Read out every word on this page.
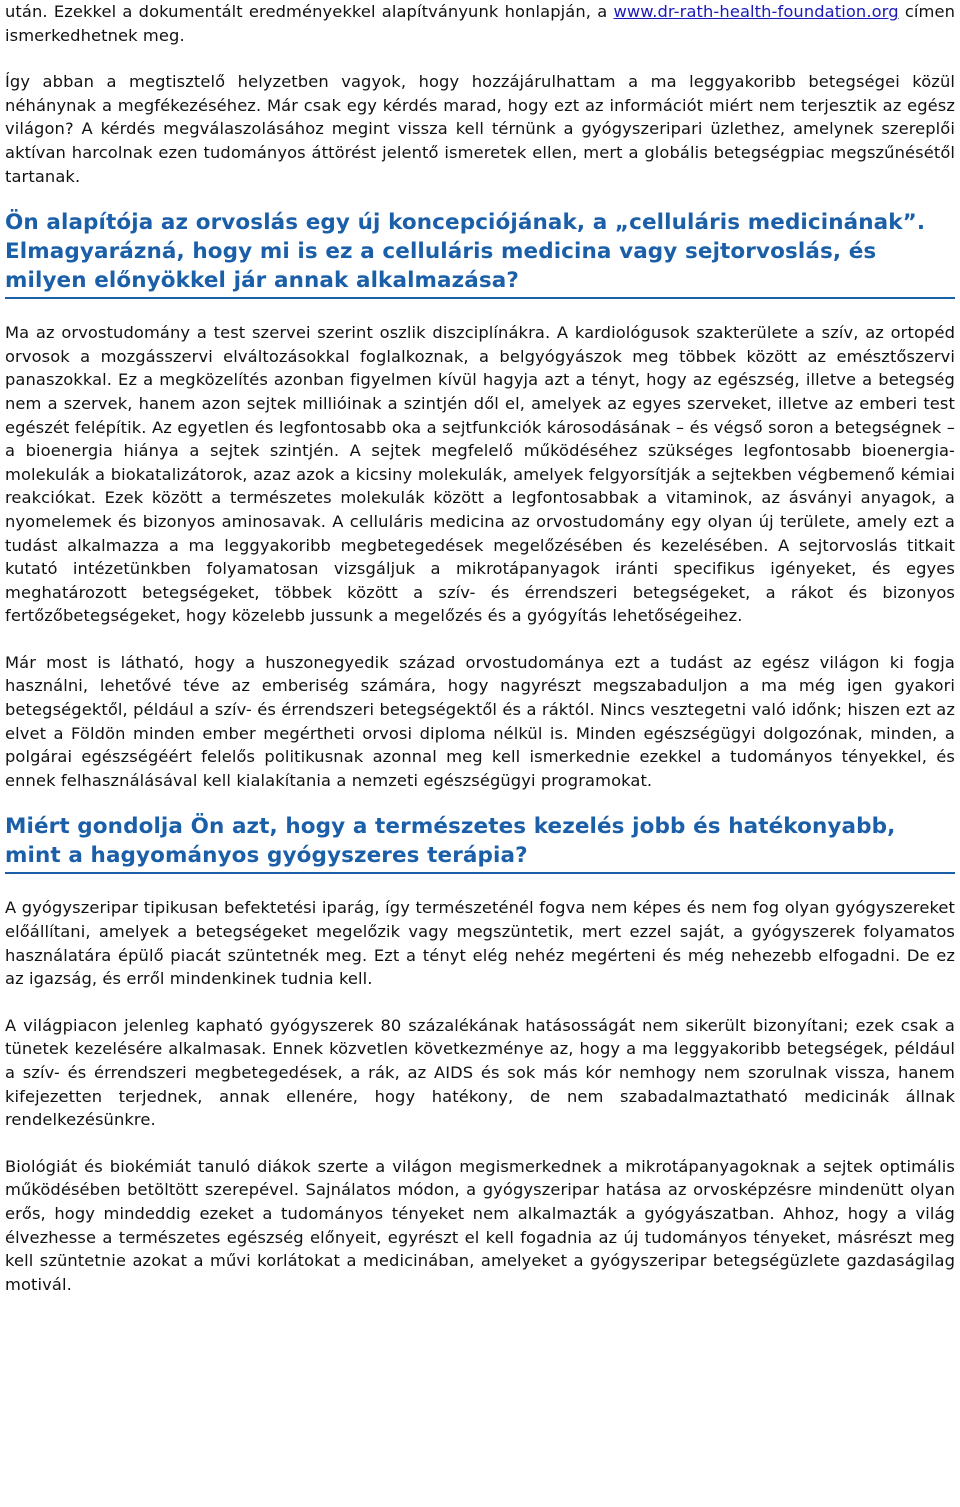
után. Ezekkel a dokumentált eredményekkel alapítványunk honlapján, a www.dr-rath-health-foundation.org címen ismerkedhetnek meg.

Így abban a megtisztelő helyzetben vagyok, hogy hozzájárulhattam a ma leggyakoribb betegségei közül néhánynak a megfékezéséhez. Már csak egy kérdés marad, hogy ezt az információt miért nem terjesztik az egész világon? A kérdés megválaszolásához megint vissza kell térnünk a gyógyszeripari üzlethez, amelynek szereplői aktívan harcolnak ezen tudományos áttörést jelentő ismeretek ellen, mert a globális betegségpiac megszűnésétől tartanak.

Ön alapítója az orvoslás egy új koncepciójának, a „celluláris medicinának”. Elmagyarázná, hogy mi is ez a celluláris medicina vagy sejtorvoslás, és milyen előnyökkel jár annak alkalmazása?

Ma az orvostudomány a test szervei szerint oszlik diszciplínákra. A kardiológusok szakterülete a szív, az ortopéd orvosok a mozgásszervi elváltozásokkal foglalkoznak, a belgyógyászok meg többek között az emésztőszervi panaszokkal. Ez a megközelítés azonban figyelmen kívül hagyja azt a tényt, hogy az egészség, illetve a betegség nem a szervek, hanem azon sejtek millióinak a szintjén dől el, amelyek az egyes szerveket, illetve az emberi test egészét felépítik. Az egyetlen és legfontosabb oka a sejtfunkciók károsodásának – és végső soron a betegségnek – a bioenergia hiánya a sejtek szintjén. A sejtek megfelelő működéséhez szükséges legfontosabb bioenergia-molekulák a biokatalizátorok, azaz azok a kicsiny molekulák, amelyek felgyorsítják a sejtekben végbemenő kémiai reakciókat. Ezek között a természetes molekulák között a legfontosabbak a vitaminok, az ásványi anyagok, a nyomelemek és bizonyos aminosavak. A celluláris medicina az orvostudomány egy olyan új területe, amely ezt a tudást alkalmazza a ma leggyakoribb megbetegedések megelőzésében és kezelésében. A sejtorvoslás titkait kutató intézetünkben folyamatosan vizsgáljuk a mikrotápanyagok iránti specifikus igényeket, és egyes meghatározott betegségeket, többek között a szív- és érrendszeri betegségeket, a rákot és bizonyos fertőzőbetegségeket, hogy közelebb jussunk a megelőzés és a gyógyítás lehetőségeihez.

Már most is látható, hogy a huszonegyedik század orvostudománya ezt a tudást az egész világon ki fogja használni, lehetővé téve az emberiség számára, hogy nagyrészt megszabaduljon a ma még igen gyakori betegségektől, például a szív- és érrendszeri betegségektől és a ráktól. Nincs vesztegetni való időnk; hiszen ezt az elvet a Földön minden ember megértheti orvosi diploma nélkül is. Minden egészségügyi dolgozónak, minden, a polgárai egészségéért felelős politikusnak azonnal meg kell ismerkednie ezekkel a tudományos tényekkel, és ennek felhasználásával kell kialakítania a nemzeti egészségügyi programokat.

Miért gondolja Ön azt, hogy a természetes kezelés jobb és hatékonyabb, mint a hagyományos gyógyszeres terápia?

A gyógyszeripar tipikusan befektetési iparág, így természeténél fogva nem képes és nem fog olyan gyógyszereket előállítani, amelyek a betegségeket megelőzik vagy megszüntetik, mert ezzel saját, a gyógyszerek folyamatos használatára épülő piacát szüntetnék meg. Ezt a tényt elég nehéz megérteni és még nehezebb elfogadni. De ez az igazság, és erről mindenkinek tudnia kell.

A világpiacon jelenleg kapható gyógyszerek 80 százalékának hatásosságát nem sikerült bizonyítani; ezek csak a tünetek kezelésére alkalmasak. Ennek közvetlen következménye az, hogy a ma leggyakoribb betegségek, például a szív- és érrendszeri megbetegedések, a rák, az AIDS és sok más kór nemhogy nem szorulnak vissza, hanem kifejezetten terjednek, annak ellenére, hogy hatékony, de nem szabadalmaztatható medicinák állnak rendelkezésünkre.

Biológiát és biokémiát tanuló diákok szerte a világon megismerkednek a mikrotápanyagoknak a sejtek optimális működésében betöltött szerepével. Sajnálatos módon, a gyógyszeripar hatása az orvosképzésre mindenütt olyan erős, hogy mindeddig ezeket a tudományos tényeket nem alkalmazták a gyógyászatban. Ahhoz, hogy a világ élvezhesse a természetes egészség előnyeit, egyrészt el kell fogadnia az új tudományos tényeket, másrészt meg kell szüntetnie azokat a művi korlátokat a medicinában, amelyeket a gyógyszeripar betegségüzlete gazdaságilag motivál.
